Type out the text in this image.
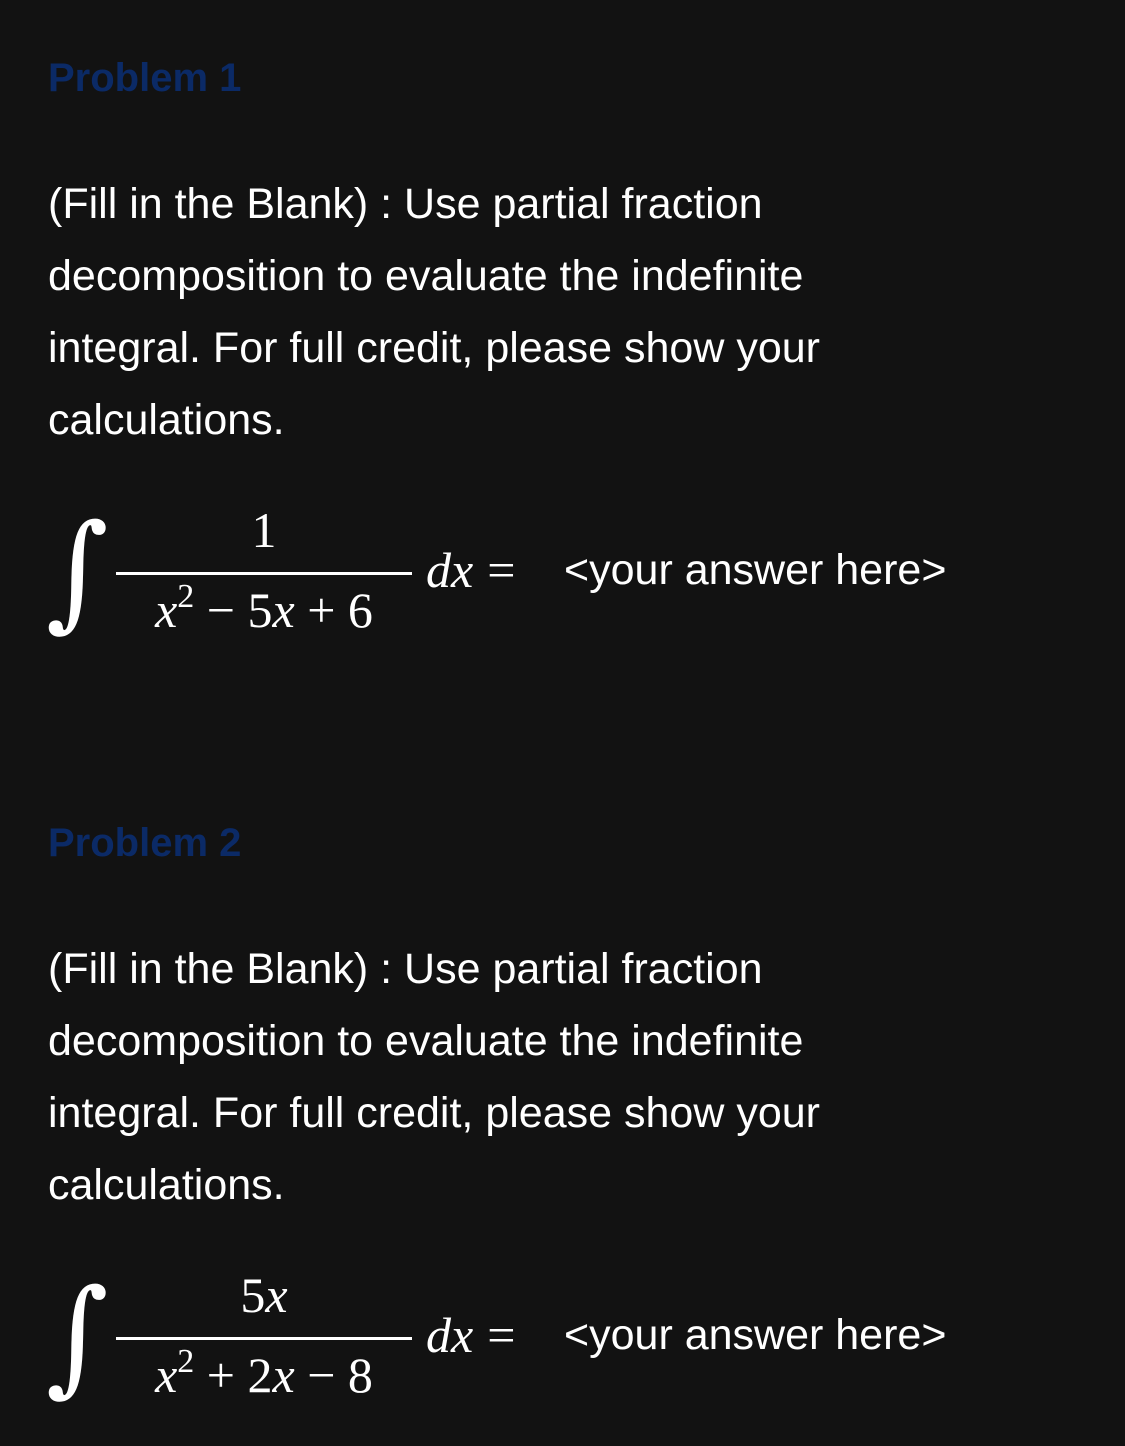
Problem 1
(Fill in the Blank) : Use partial fraction decomposition to evaluate the indefinite integral. For full credit, please show your calculations.
∫	1
$x^2 - 5x + 6$
dx = <your answer here>
Problem 2
(Fill in the Blank) : Use partial fraction decomposition to evaluate the indefinite integral. For full credit, please show your calculations.
∫	5x
$x^2 + 2x - 8$
dx = <your answer here>
